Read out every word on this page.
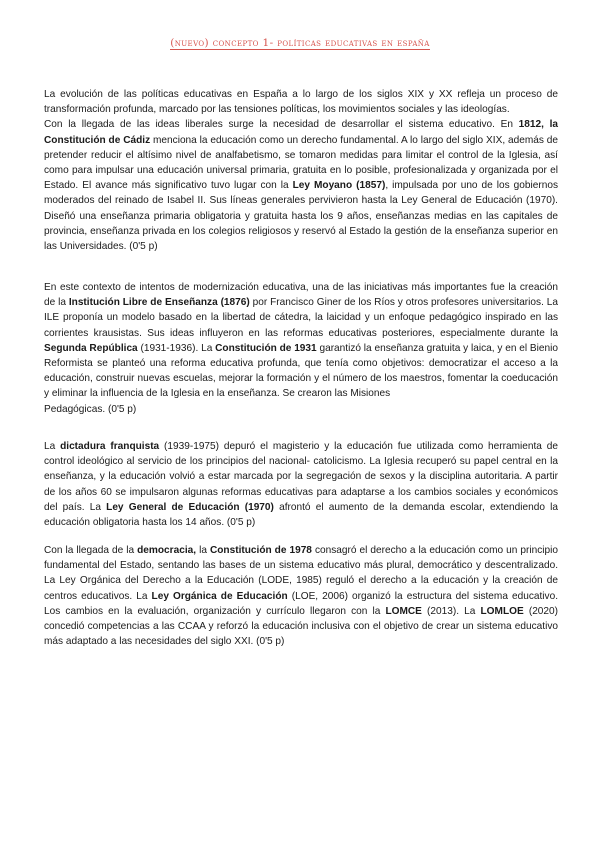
(nuevo) concepto 1- políticas educativas en españa

La evolución de las políticas educativas en España a lo largo de los siglos XIX y XX refleja un proceso de transformación profunda, marcado por las tensiones políticas, los movimientos sociales y las ideologías.

Con la llegada de las ideas liberales surge la necesidad de desarrollar el sistema educativo. En 1812, la Constitución de Cádiz menciona la educación como un derecho fundamental. A lo largo del siglo XIX, además de pretender reducir el altísimo nivel de analfabetismo, se tomaron medidas para limitar el control de la Iglesia, así como para impulsar una educación universal primaria, gratuita en lo posible, profesionalizada y organizada por el Estado. El avance más significativo tuvo lugar con la Ley Moyano (1857), impulsada por uno de los gobiernos moderados del reinado de Isabel II. Sus líneas generales pervivieron hasta la Ley General de Educación (1970). Diseñó una enseñanza primaria obligatoria y gratuita hasta los 9 años, enseñanzas medias en las capitales de provincia, enseñanza privada en los colegios religiosos y reservó al Estado la gestión de la enseñanza superior en las Universidades. (0'5 p)

En este contexto de intentos de modernización educativa, una de las iniciativas más importantes fue la creación de la Institución Libre de Enseñanza (1876) por Francisco Giner de los Ríos y otros profesores universitarios. La ILE proponía un modelo basado en la libertad de cátedra, la laicidad y un enfoque pedagógico inspirado en las corrientes krausistas. Sus ideas influyeron en las reformas educativas posteriores, especialmente durante la Segunda República (1931-1936). La Constitución de 1931 garantizó la enseñanza gratuita y laica, y en el Bienio Reformista se planteó una reforma educativa profunda, que tenía como objetivos: democratizar el acceso a la educación, construir nuevas escuelas, mejorar la formación y el número de los maestros, fomentar la coeducación y eliminar la influencia de la Iglesia en la enseñanza. Se crearon las Misiones

Pedagógicas. (0'5 p)

La dictadura franquista (1939-1975) depuró el magisterio y la educación fue utilizada como herramienta de control ideológico al servicio de los principios del nacional- catolicismo. La Iglesia recuperó su papel central en la enseñanza, y la educación volvió a estar marcada por la segregación de sexos y la disciplina autoritaria. A partir de los años 60 se impulsaron algunas reformas educativas para adaptarse a los cambios sociales y económicos del país. La Ley General de Educación (1970) afrontó el aumento de la demanda escolar, extendiendo la educación obligatoria hasta los 14 años. (0'5 p)

Con la llegada de la democracia, la Constitución de 1978 consagró el derecho a la educación como un principio fundamental del Estado, sentando las bases de un sistema educativo más plural, democrático y descentralizado. La Ley Orgánica del Derecho a la Educación (LODE, 1985) reguló el derecho a la educación y la creación de centros educativos. La Ley Orgánica de Educación (LOE, 2006) organizó la estructura del sistema educativo. Los cambios en la evaluación, organización y currículo llegaron con la LOMCE (2013). La LOMLOE (2020) concedió competencias a las CCAA y reforzó la educación inclusiva con el objetivo de crear un sistema educativo más adaptado a las necesidades del siglo XXI. (0'5 p)
